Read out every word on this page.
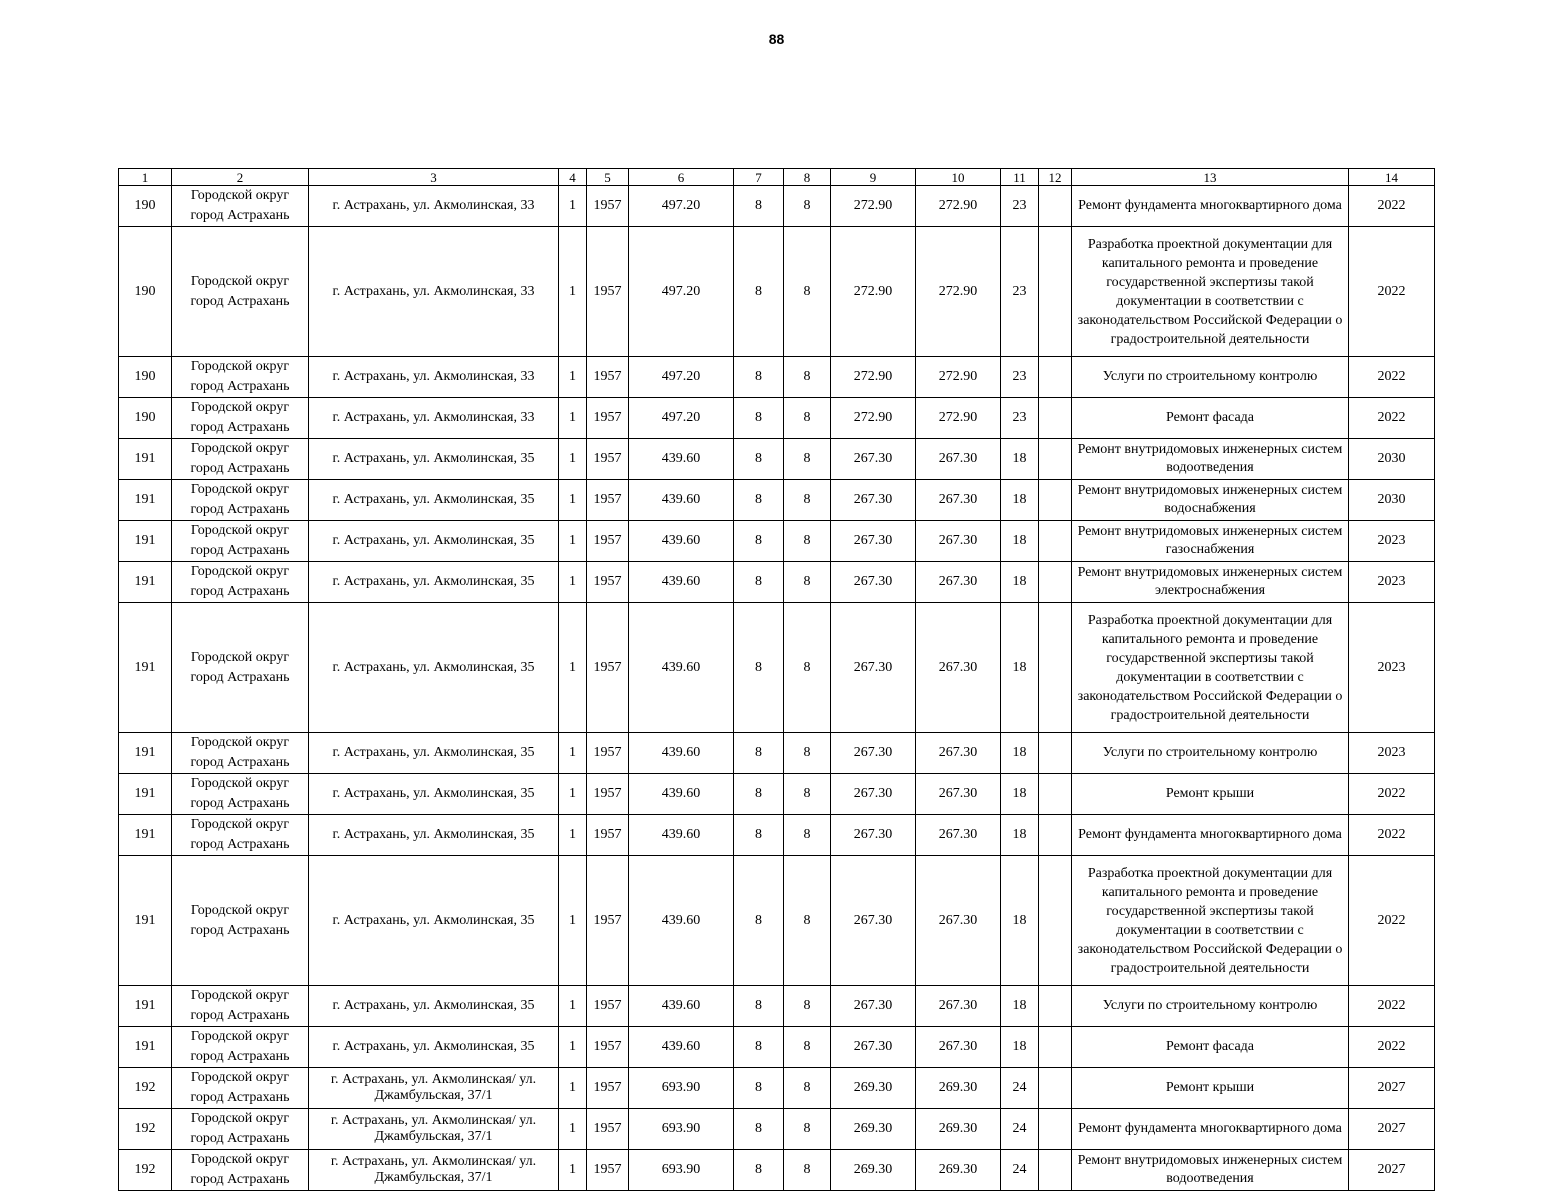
88
1	2	3	4	5	6	7	8	9	10	11	12	13	14
190	Городской округ город Астрахань	г. Астрахань, ул. Акмолинская, 33	1	1957	497.20	8	8	272.90	272.90	23		Ремонт фундамента многоквартирного дома	2022
190	Городской округ город Астрахань	г. Астрахань, ул. Акмолинская, 33	1	1957	497.20	8	8	272.90	272.90	23		Разработка проектной документации для капитального ремонта и проведение государственной экспертизы такой документации в соответствии с законодательством Российской Федерации о градостроительной деятельности	2022
190	Городской округ город Астрахань	г. Астрахань, ул. Акмолинская, 33	1	1957	497.20	8	8	272.90	272.90	23		Услуги по строительному контролю	2022
190	Городской округ город Астрахань	г. Астрахань, ул. Акмолинская, 33	1	1957	497.20	8	8	272.90	272.90	23		Ремонт фасада	2022
191	Городской округ город Астрахань	г. Астрахань, ул. Акмолинская, 35	1	1957	439.60	8	8	267.30	267.30	18		Ремонт внутридомовых инженерных систем водоотведения	2030
191	Городской округ город Астрахань	г. Астрахань, ул. Акмолинская, 35	1	1957	439.60	8	8	267.30	267.30	18		Ремонт внутридомовых инженерных систем водоснабжения	2030
191	Городской округ город Астрахань	г. Астрахань, ул. Акмолинская, 35	1	1957	439.60	8	8	267.30	267.30	18		Ремонт внутридомовых инженерных систем газоснабжения	2023
191	Городской округ город Астрахань	г. Астрахань, ул. Акмолинская, 35	1	1957	439.60	8	8	267.30	267.30	18		Ремонт внутридомовых инженерных систем электроснабжения	2023
191	Городской округ город Астрахань	г. Астрахань, ул. Акмолинская, 35	1	1957	439.60	8	8	267.30	267.30	18		Разработка проектной документации для капитального ремонта и проведение государственной экспертизы такой документации в соответствии с законодательством Российской Федерации о градостроительной деятельности	2023
191	Городской округ город Астрахань	г. Астрахань, ул. Акмолинская, 35	1	1957	439.60	8	8	267.30	267.30	18		Услуги по строительному контролю	2023
191	Городской округ город Астрахань	г. Астрахань, ул. Акмолинская, 35	1	1957	439.60	8	8	267.30	267.30	18		Ремонт крыши	2022
191	Городской округ город Астрахань	г. Астрахань, ул. Акмолинская, 35	1	1957	439.60	8	8	267.30	267.30	18		Ремонт фундамента многоквартирного дома	2022
191	Городской округ город Астрахань	г. Астрахань, ул. Акмолинская, 35	1	1957	439.60	8	8	267.30	267.30	18		Разработка проектной документации для капитального ремонта и проведение государственной экспертизы такой документации в соответствии с законодательством Российской Федерации о градостроительной деятельности	2022
191	Городской округ город Астрахань	г. Астрахань, ул. Акмолинская, 35	1	1957	439.60	8	8	267.30	267.30	18		Услуги по строительному контролю	2022
191	Городской округ город Астрахань	г. Астрахань, ул. Акмолинская, 35	1	1957	439.60	8	8	267.30	267.30	18		Ремонт фасада	2022
192	Городской округ город Астрахань	г. Астрахань, ул. Акмолинская/ ул. Джамбульская, 37/1	1	1957	693.90	8	8	269.30	269.30	24		Ремонт крыши	2027
192	Городской округ город Астрахань	г. Астрахань, ул. Акмолинская/ ул. Джамбульская, 37/1	1	1957	693.90	8	8	269.30	269.30	24		Ремонт фундамента многоквартирного дома	2027
192	Городской округ город Астрахань	г. Астрахань, ул. Акмолинская/ ул. Джамбульская, 37/1	1	1957	693.90	8	8	269.30	269.30	24		Ремонт внутридомовых инженерных систем водоотведения	2027
